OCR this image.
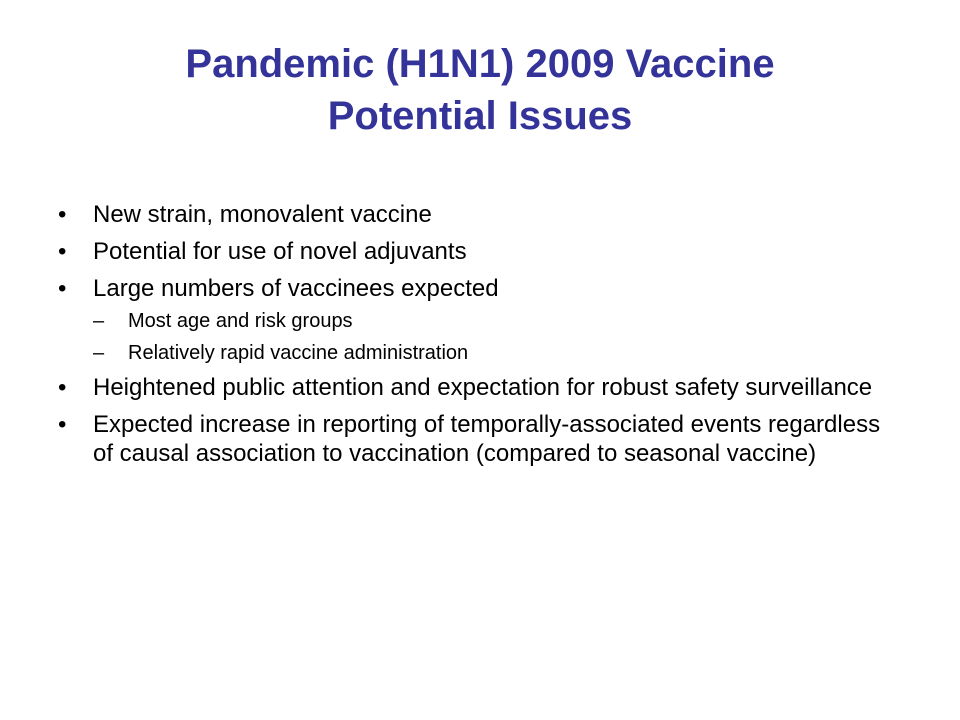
Pandemic (H1N1) 2009 Vaccine
Potential Issues
• New strain, monovalent vaccine
• Potential for use of novel adjuvants
• Large numbers of vaccinees expected
– Most age and risk groups
– Relatively rapid vaccine administration
• Heightened public attention and expectation for robust safety surveillance
• Expected increase in reporting of temporally-associated events regardless of causal association to vaccination (compared to seasonal vaccine)
